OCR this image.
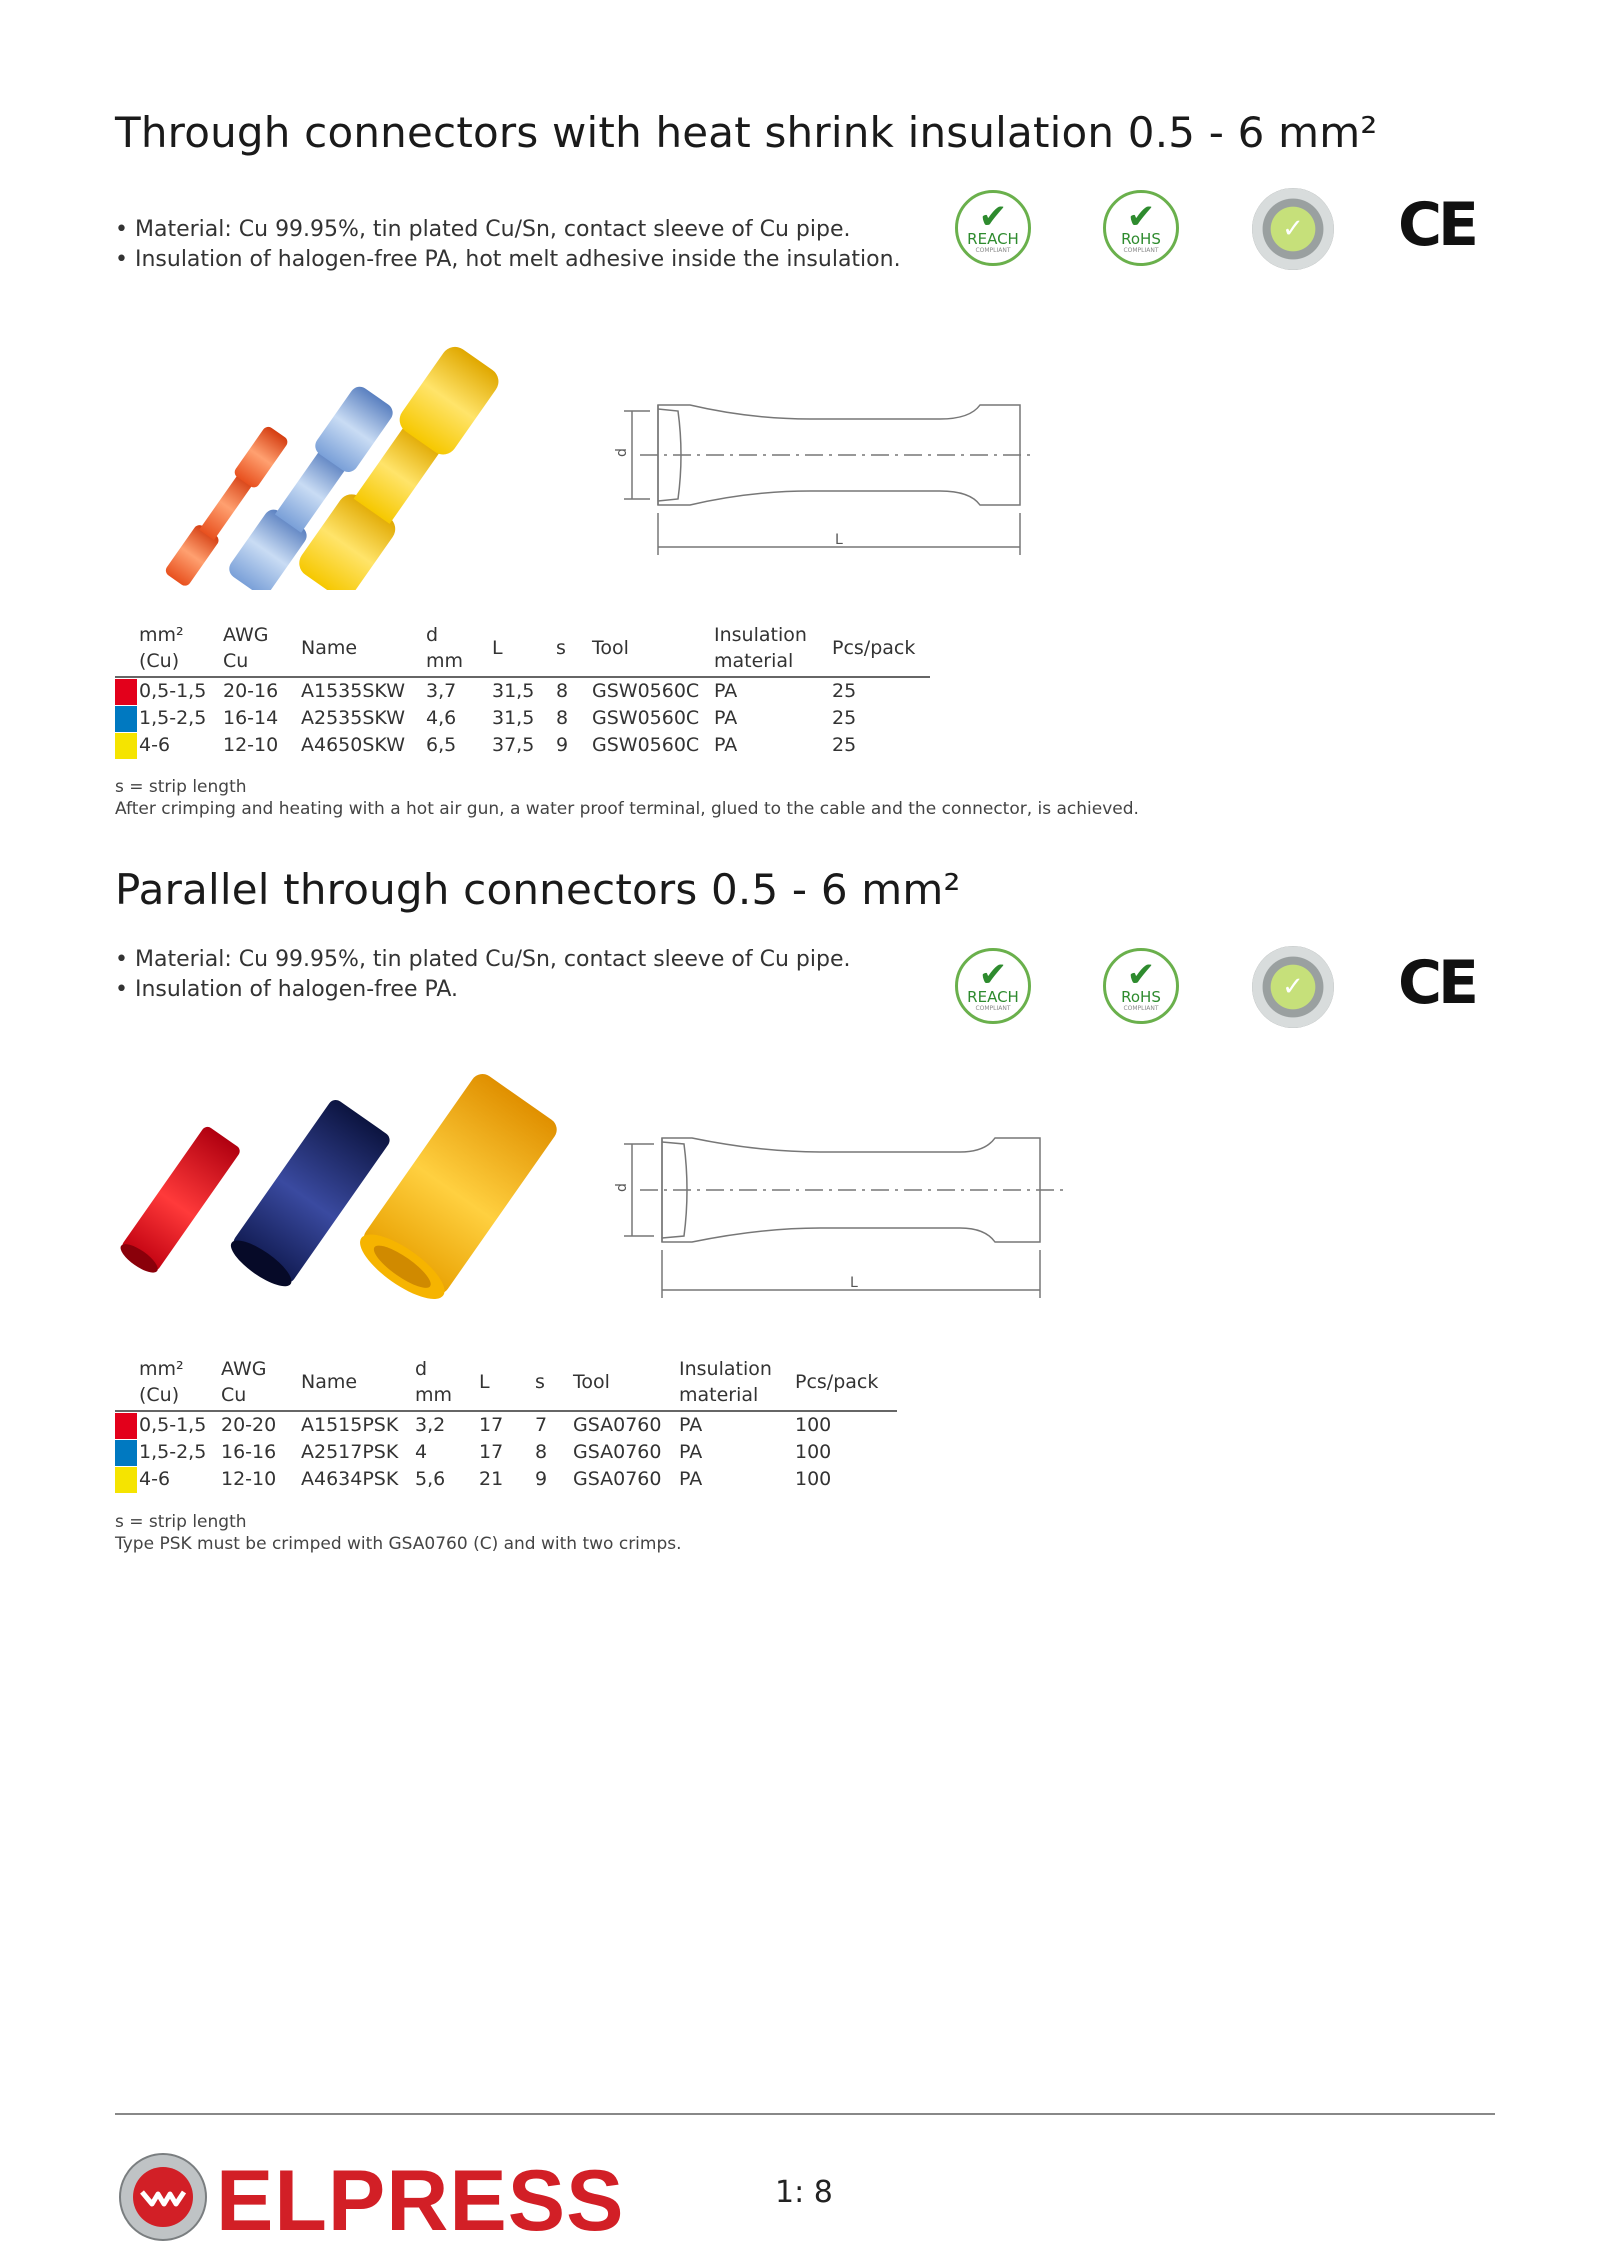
Through connectors with heat shrink insulation 0.5 - 6 mm²
• Material: Cu 99.95%, tin plated Cu/Sn, contact sleeve of Cu pipe.
• Insulation of halogen-free PA, hot melt adhesive inside the insulation.
✔
REACH
COMPLIANT
✔
RoHS
COMPLIANT
✓ CE
d
L
	mm²
(Cu)	AWG
Cu	Name	d
mm	L	s	Tool	Insulation
material	Pcs/pack
	0,5-1,5	20-16	A1535SKW	3,7	31,5	8	GSW0560C	PA	25
	1,5-2,5	16-14	A2535SKW	4,6	31,5	8	GSW0560C	PA	25
	4-6	12-10	A4650SKW	6,5	37,5	9	GSW0560C	PA	25
s = strip length
After crimping and heating with a hot air gun, a water proof terminal, glued to the cable and the connector, is achieved.
Parallel through connectors 0.5 - 6 mm²
• Material: Cu 99.95%, tin plated Cu/Sn, contact sleeve of Cu pipe.
• Insulation of halogen-free PA.	✔
REACH
COMPLIANT
✔
RoHS
COMPLIANT
✓ CE
d
L
	mm²
(Cu)	AWG
Cu	Name	d
mm	L	s	Tool	Insulation
material	Pcs/pack
	0,5-1,5	20-20	A1515PSK	3,2	17	7	GSA0760	PA	100
	1,5-2,5	16-16	A2517PSK	4	17	8	GSA0760	PA	100
	4-6	12-10	A4634PSK	5,6	21	9	GSA0760	PA	100
s = strip length
Type PSK must be crimped with GSA0760 (C) and with two crimps.
ELPRESS	1: 8
